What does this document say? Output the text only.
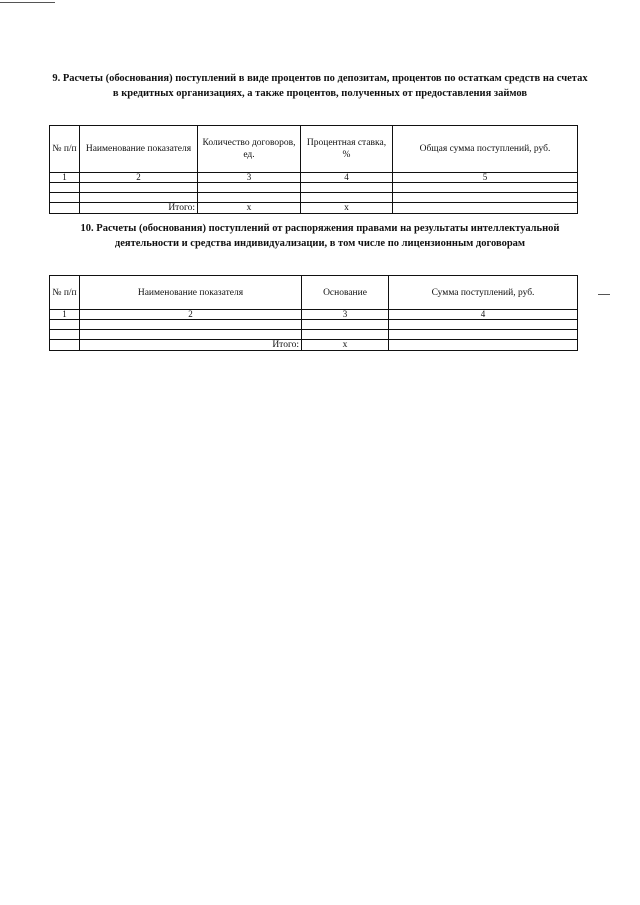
9. Расчеты (обоснования) поступлений в виде процентов по депозитам, процентов по остаткам средств на счетах в кредитных организациях, а также процентов, полученных от предоставления займов
№ п/п	Наименование показателя	Количество договоров, ед.	Процентная ставка, %	Общая сумма поступлений, руб.
1	2	3	4	5

	Итого:	x	x	
10. Расчеты (обоснования) поступлений от распоряжения правами на результаты интеллектуальной деятельности и средства индивидуализации, в том числе по лицензионным договорам
№ п/п	Наименование показателя	Основание	Сумма поступлений, руб.
1	2	3	4

	Итого:	x	
